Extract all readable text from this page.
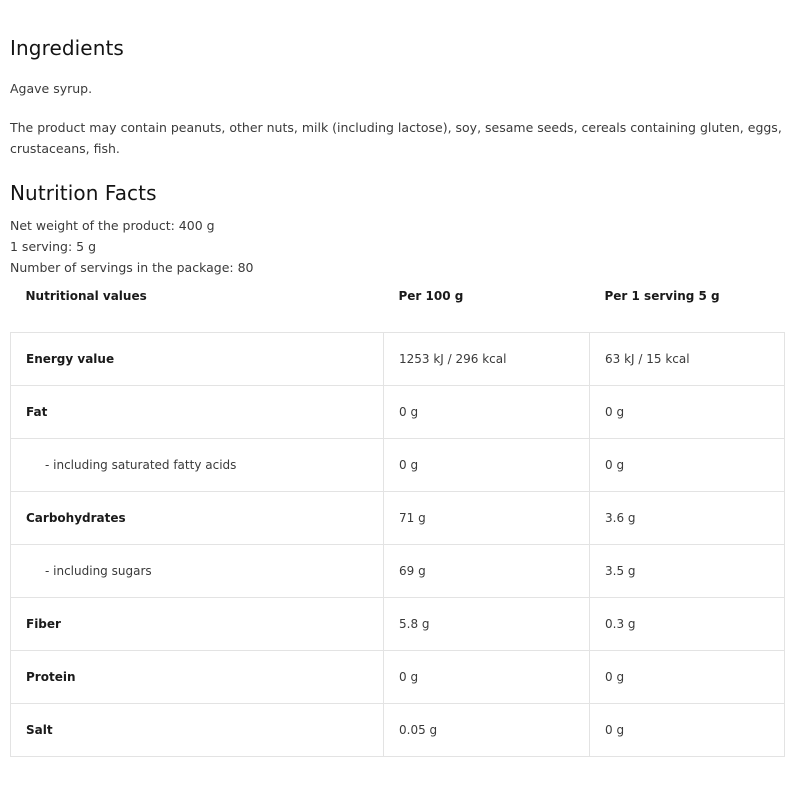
Ingredients

Agave syrup.

The product may contain peanuts, other nuts, milk (including lactose), soy, sesame seeds, cereals containing gluten, eggs, crustaceans, fish.

Nutrition Facts
Net weight of the product: 400 g
1 serving: 5 g
Number of servings in the package: 80
Nutritional values	Per 100 g	Per 1 serving 5 g
Energy value	1253 kJ / 296 kcal	63 kJ / 15 kcal
Fat	0 g	0 g
- including saturated fatty acids	0 g	0 g
Carbohydrates	71 g	3.6 g
- including sugars	69 g	3.5 g
Fiber	5.8 g	0.3 g
Protein	0 g	0 g
Salt	0.05 g	0 g
